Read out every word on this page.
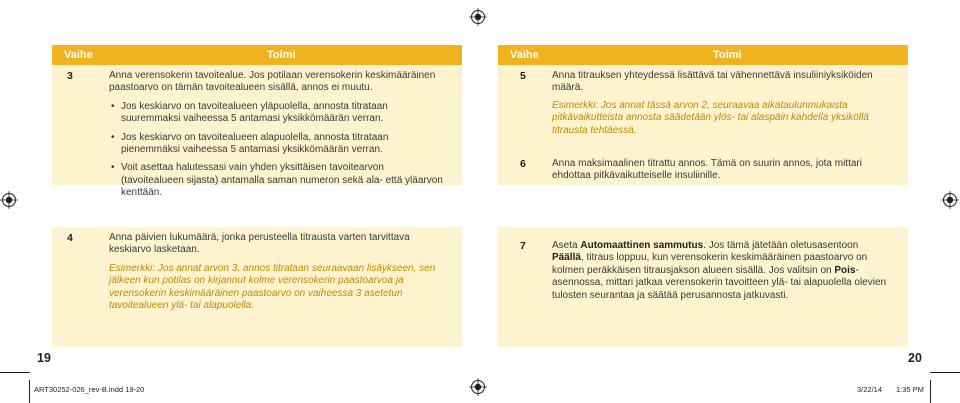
Vaihe	Toimi
3	Anna verensokerin tavoitealue. Jos potilaan verensokerin keskimääräinen paastoarvo on tämän tavoitealueen sisällä, annos ei muutu.

• Jos keskiarvo on tavoitealueen yläpuolella, annosta titrataan suuremmaksi vaiheessa 5 antamasi yksikkömäärän verran.
• Jos keskiarvo on tavoitealueen alapuolella, annosta titrataan pienemmäksi vaiheessa 5 antamasi yksikkömäärän verran.
• Voit asettaa halutessasi vain yhden yksittäisen tavoitearvon (tavoitealueen sijasta) antamalla saman numeron sekä ala- että yläarvon kenttään.
4	Anna päivien lukumäärä, jonka perusteella titrausta varten tarvittava keskiarvo lasketaan.

Esimerkki: Jos annat arvon 3, annos titrataan seuraavaan lisäykseen, sen jälkeen kun potilas on kirjannut kolme verensokerin paastoarvoa ja verensokerin keskimääräinen paastoarvo on vaiheessa 3 asetetun tavoitealueen ylä- tai alapuolella.

19
Vaihe	Toimi
5	Anna titrauksen yhteydessä lisättävä tai vähennettävä insuliiniyksiköiden määrä.

Esimerkki: Jos annat tässä arvon 2, seuraavaa aikataulunmukaista pitkävaikutteista annosta säädetään ylös- tai alaspäin kahdella yksiköllä titrausta tehtäessä.

6	Anna maksimaalinen titrattu annos. Tämä on suurin annos, jota mittari ehdottaa pitkävaikutteiselle insuliinille.

7	Aseta Automaattinen sammutus. Jos tämä jätetään oletusasentoon Päällä, titraus loppuu, kun verensokerin keskimääräinen paastoarvo on kolmen peräkkäisen titrausjakson alueen sisällä. Jos valitsin on Pois-asennossa, mittari jatkaa verensokerin tavoitteen ylä- tai alapuolella olevien tulosten seurantaa ja säätää perusannosta jatkuvasti.

20
ART30252-026_rev-B.indd 19-20	3/22/14 1:35 PM
